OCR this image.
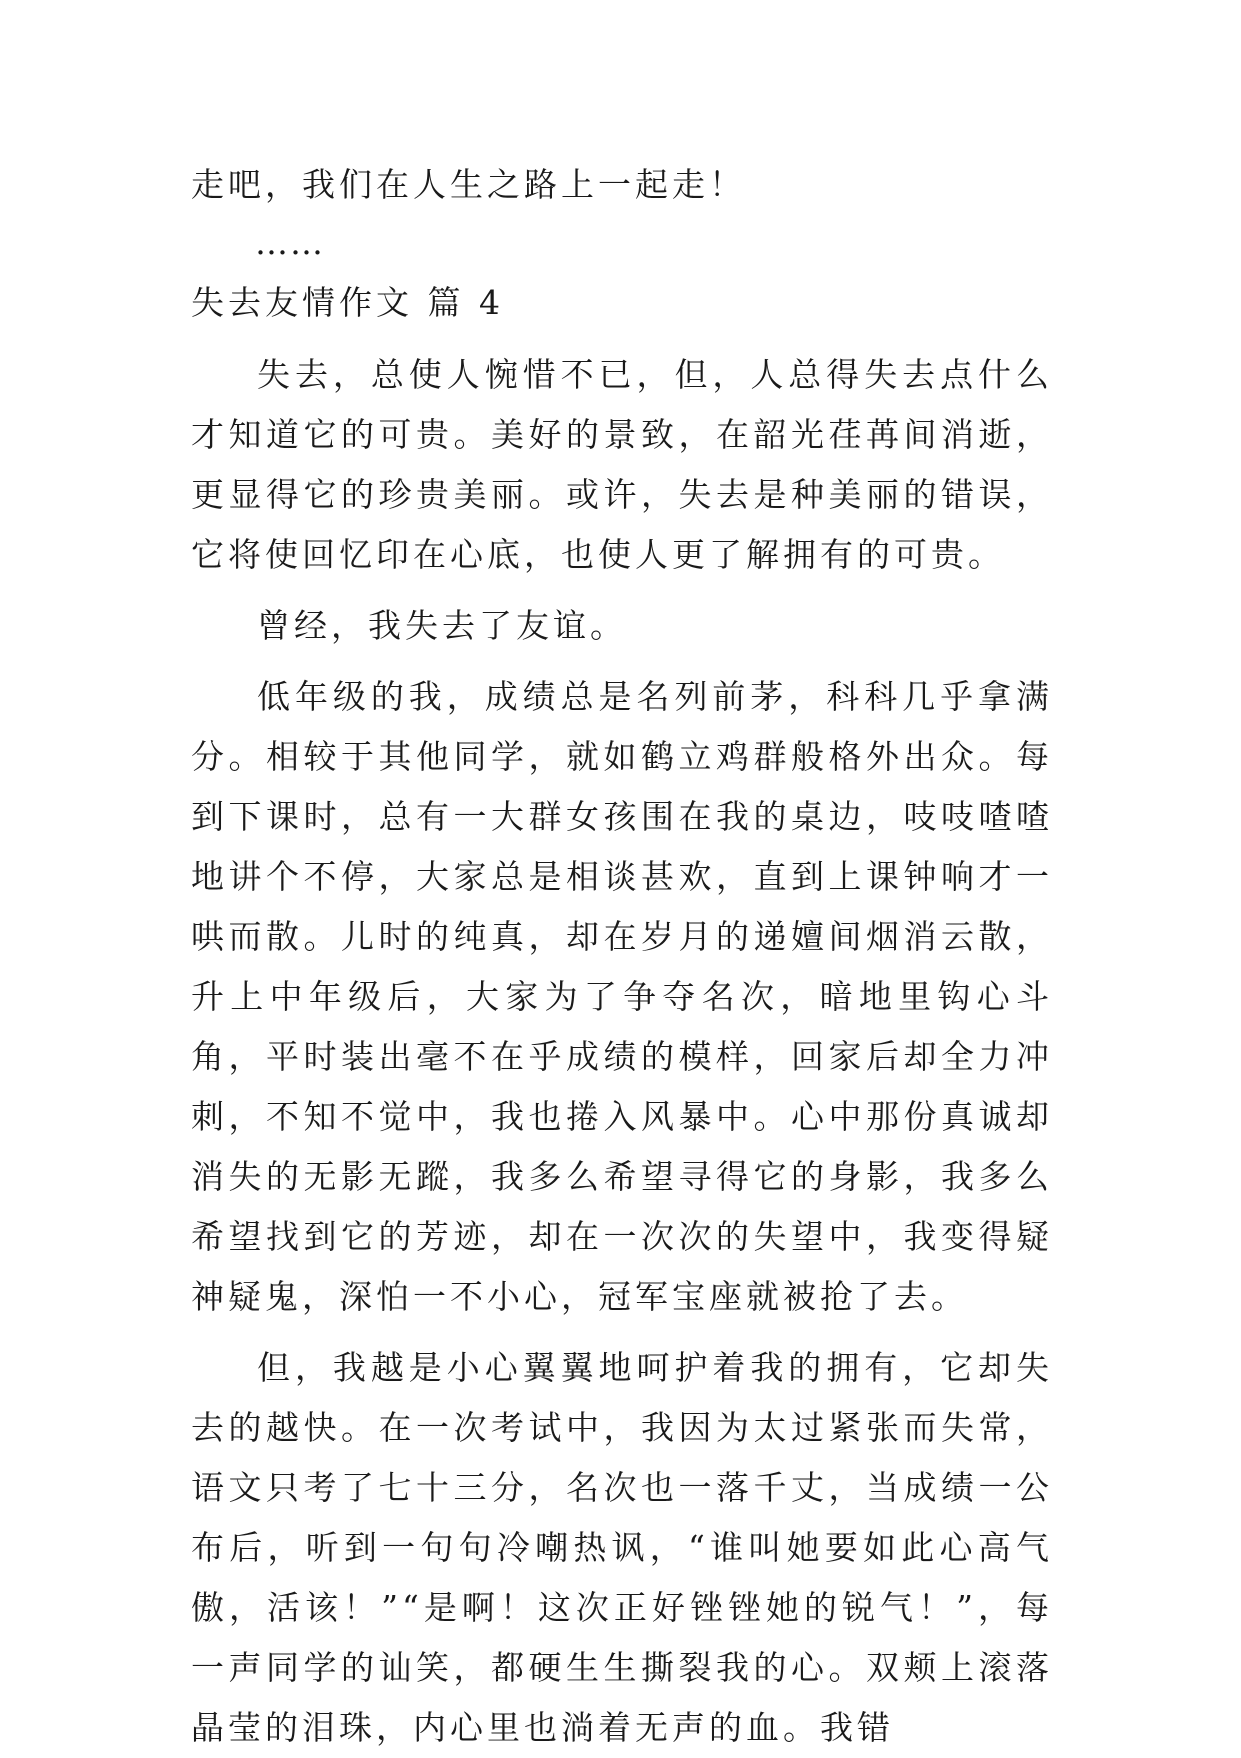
走吧，我们在人生之路上一起走！
……
失去友情作文 篇 4

失去，总使人惋惜不已，但，人总得失去点什么才知道它的可贵。美好的景致，在韶光荏苒间消逝，更显得它的珍贵美丽。或许，失去是种美丽的错误，它将使回忆印在心底，也使人更了解拥有的可贵。

曾经，我失去了友谊。

低年级的我，成绩总是名列前茅，科科几乎拿满分。相较于其他同学，就如鹤立鸡群般格外出众。每到下课时，总有一大群女孩围在我的桌边，吱吱喳喳地讲个不停，大家总是相谈甚欢，直到上课钟响才一哄而散。儿时的纯真，却在岁月的递嬗间烟消云散，升上中年级后，大家为了争夺名次，暗地里钩心斗角，平时装出毫不在乎成绩的模样，回家后却全力冲刺，不知不觉中，我也捲入风暴中。心中那份真诚却消失的无影无蹤，我多么希望寻得它的身影，我多么希望找到它的芳迹，却在一次次的失望中，我变得疑神疑鬼，深怕一不小心，冠军宝座就被抢了去。

但，我越是小心翼翼地呵护着我的拥有，它却失去的越快。在一次考试中，我因为太过紧张而失常，语文只考了七十三分，名次也一落千丈，当成绩一公布后，听到一句句冷嘲热讽，“谁叫她要如此心高气傲，活该！”“是啊！这次正好锉锉她的锐气！”，每一声同学的讪笑，都硬生生撕裂我的心。双颊上滚落晶莹的泪珠，内心里也淌着无声的血。我错
